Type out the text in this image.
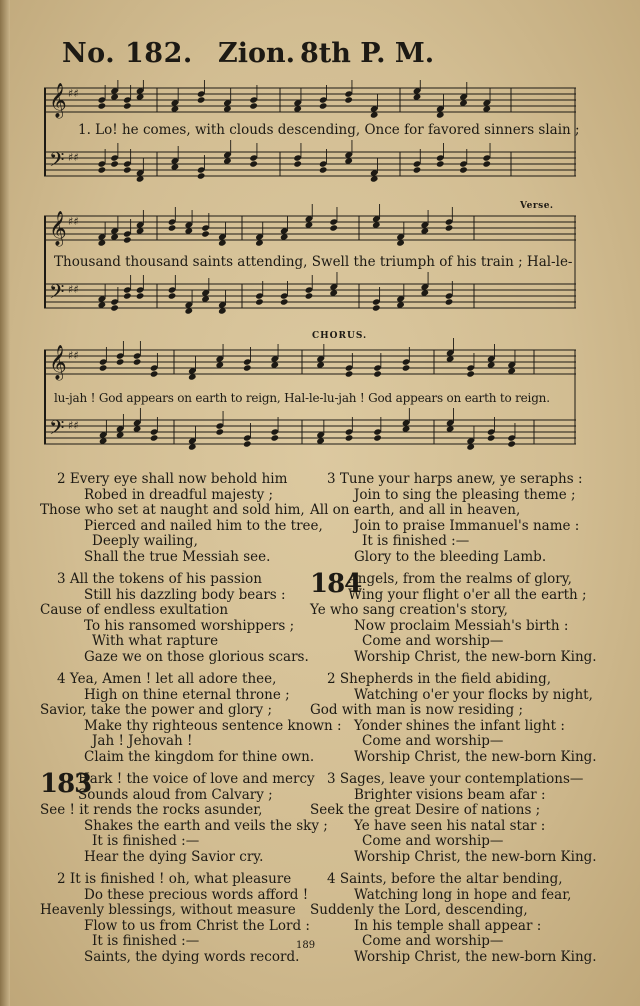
No. 182. Zion. 8th P. M.
𝄞
𝄢
♯♯
♯♯
1. Lo! he comes, with clouds descending, Once for favored sinners slain ;
𝄞
𝄢
♯♯
♯♯
Verse.
Thousand thousand saints attending, Swell the triumph of his train ; Hal-le-
𝄞
𝄢
♯♯
♯♯
CHORUS.
lu-jah ! God appears on earth to reign, Hal-le-lu-jah ! God appears on earth to reign.
2 Every eye shall now behold him
Robed in dreadful majesty ;
Those who set at naught and sold him,
Pierced and nailed him to the tree,
Deeply wailing,
Shall the true Messiah see.
3 All the tokens of his passion
Still his dazzling body bears :
Cause of endless exultation
To his ransomed worshippers ;
With what rapture
Gaze we on those glorious scars.
4 Yea, Amen ! let all adore thee,
High on thine eternal throne ;
Savior, take the power and glory ;
Make thy righteous sentence known :
Jah ! Jehovah !
Claim the kingdom for thine own.
Hark ! the voice of love and mercy
183
Sounds aloud from Calvary ;
See ! it rends the rocks asunder,
Shakes the earth and veils the sky ;
It is finished :—
Hear the dying Savior cry.
2 It is finished ! oh, what pleasure
Do these precious words afford !
Heavenly blessings, without measure
Flow to us from Christ the Lord :
It is finished :—
Saints, the dying words record.
3 Tune your harps anew, ye seraphs :
Join to sing the pleasing theme ;
All on earth, and all in heaven,
Join to praise Immanuel's name :
It is finished :—
Glory to the bleeding Lamb.
Angels, from the realms of glory,
184
Wing your flight o'er all the earth ;
Ye who sang creation's story,
Now proclaim Messiah's birth :
Come and worship—
Worship Christ, the new-born King.
2 Shepherds in the field abiding,
Watching o'er your flocks by night,
God with man is now residing ;
Yonder shines the infant light :
Come and worship—
Worship Christ, the new-born King.
3 Sages, leave your contemplations—
Brighter visions beam afar :
Seek the great Desire of nations ;
Ye have seen his natal star :
Come and worship—
Worship Christ, the new-born King.
4 Saints, before the altar bending,
Watching long in hope and fear,
Suddenly the Lord, descending,
In his temple shall appear :
Come and worship—
Worship Christ, the new-born King.
189
